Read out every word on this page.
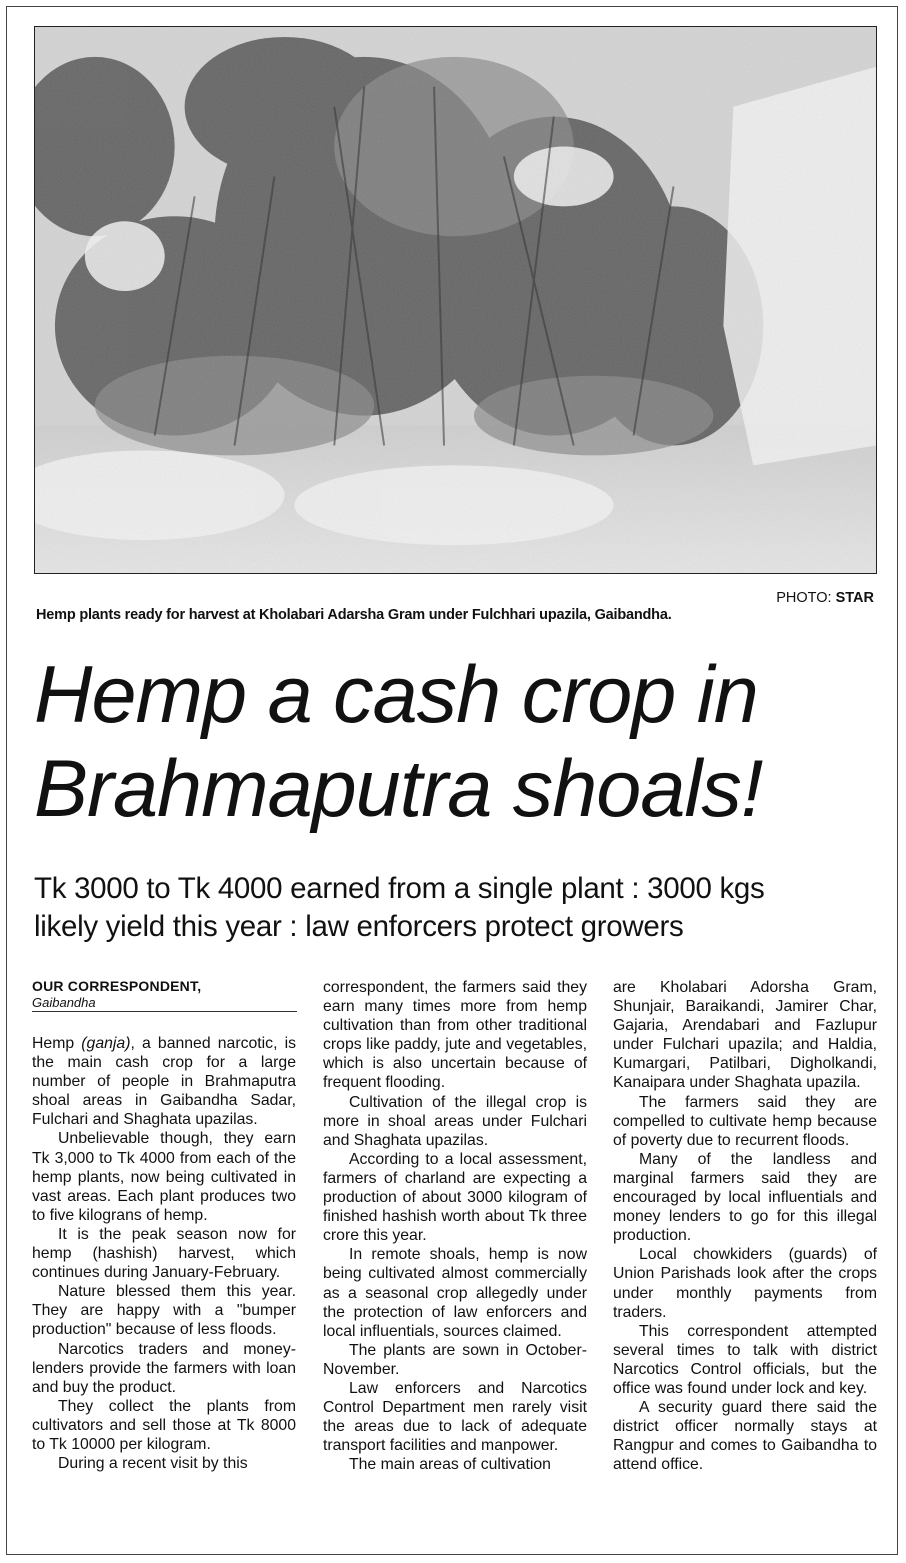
PHOTO: STAR
Hemp plants ready for harvest at Kholabari Adarsha Gram under Fulchhari upazila, Gaibandha.
Hemp a cash crop in
Brahmaputra shoals!
Tk 3000 to Tk 4000 earned from a single plant : 3000 kgs
likely yield this year : law enforcers protect growers
OUR CORRESPONDENT,
Gaibandha

Hemp (ganja), a banned narcotic, is the main cash crop for a large number of people in Brahmaputra shoal areas in Gaibandha Sadar, Fulchari and Shaghata upazilas.

Unbelievable though, they earn Tk 3,000 to Tk 4000 from each of the hemp plants, now being cultivated in vast areas. Each plant produces two to five kilograns of hemp.

It is the peak season now for hemp (hashish) harvest, which continues during January-February.

Nature blessed them this year. They are happy with a "bumper production" because of less floods.

Narcotics traders and money-lenders provide the farmers with loan and buy the product.

They collect the plants from cultivators and sell those at Tk 8000 to Tk 10000 per kilogram.

During a recent visit by this

correspondent, the farmers said they earn many times more from hemp cultivation than from other traditional crops like paddy, jute and vegetables, which is also uncertain because of frequent flooding.

Cultivation of the illegal crop is more in shoal areas under Fulchari and Shaghata upazilas.

According to a local assessment, farmers of charland are expecting a production of about 3000 kilogram of finished hashish worth about Tk three crore this year.

In remote shoals, hemp is now being cultivated almost commercially as a seasonal crop allegedly under the protection of law enforcers and local influentials, sources claimed.

The plants are sown in October-November.

Law enforcers and Narcotics Control Department men rarely visit the areas due to lack of adequate transport facilities and manpower.

The main areas of cultivation

are Kholabari Adorsha Gram, Shunjair, Baraikandi, Jamirer Char, Gajaria, Arendabari and Fazlupur under Fulchari upazila; and Haldia, Kumargari, Patilbari, Digholkandi, Kanaipara under Shaghata upazila.

The farmers said they are compelled to cultivate hemp because of poverty due to recurrent floods.

Many of the landless and marginal farmers said they are encouraged by local influentials and money lenders to go for this illegal production.

Local chowkiders (guards) of Union Parishads look after the crops under monthly payments from traders.

This correspondent attempted several times to talk with district Narcotics Control officials, but the office was found under lock and key.

A security guard there said the district officer normally stays at Rangpur and comes to Gaibandha to attend office.
